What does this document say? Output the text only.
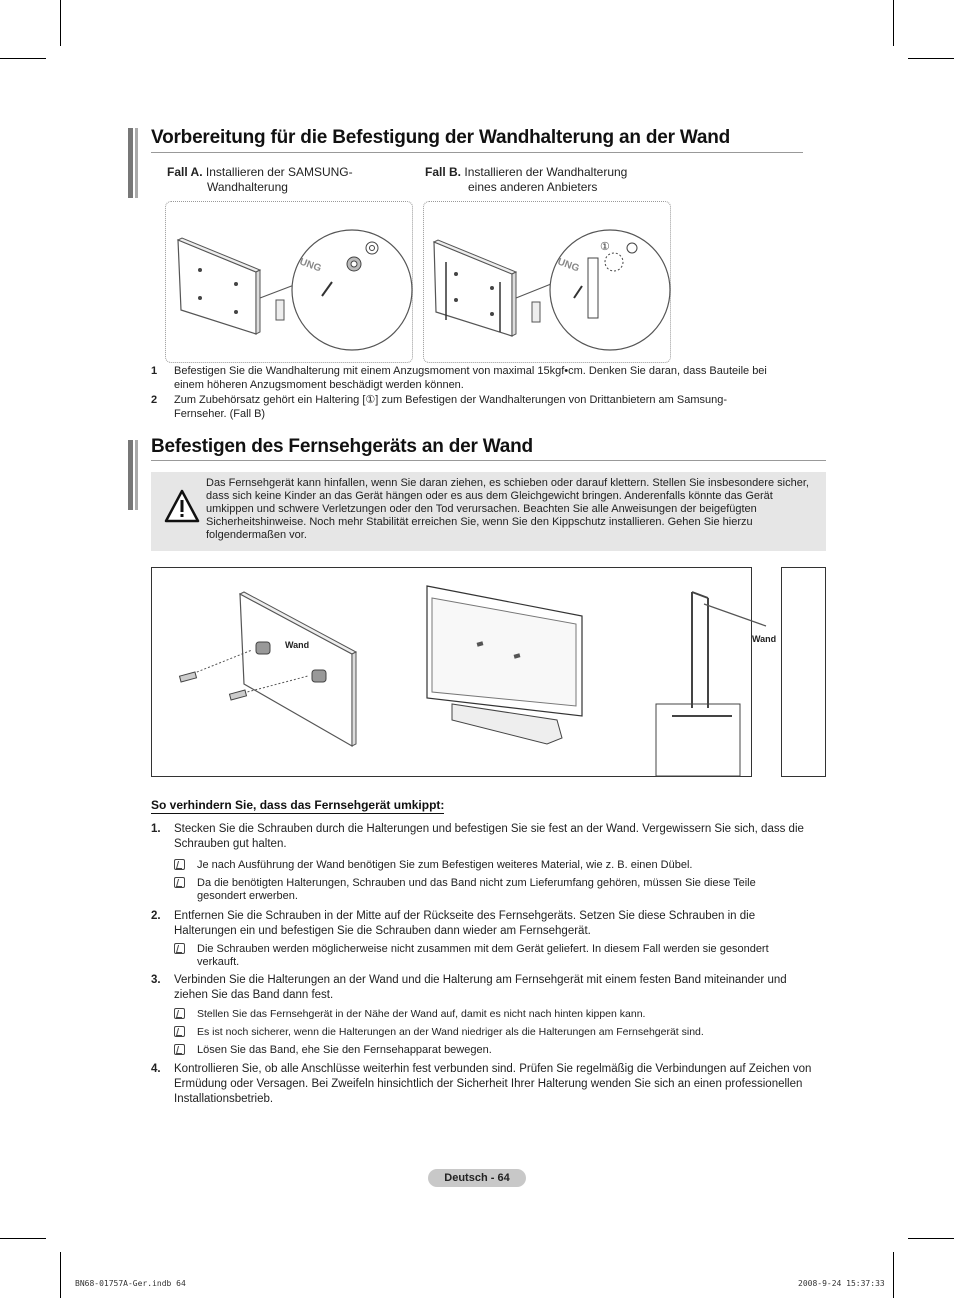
Vorbereitung für die Befestigung der Wandhalterung an der Wand
Fall A. Installieren der SAMSUNG-
Wandhalterung
Fall B. Installieren der Wandhalterung
eines anderen Anbieters
UNG	UNG
①
1 Befestigen Sie die Wandhalterung mit einem Anzugsmoment von maximal 15kgf•cm. Denken Sie daran, dass Bauteile bei
einem höheren Anzugsmoment beschädigt werden können.
2 Zum Zubehörsatz gehört ein Haltering [①] zum Befestigen der Wandhalterungen von Drittanbietern am Samsung-
Fernseher. (Fall B)
Befestigen des Fernsehgeräts an der Wand
Das Fernsehgerät kann hinfallen, wenn Sie daran ziehen, es schieben oder darauf klettern. Stellen Sie insbesondere sicher, dass sich keine Kinder an das Gerät hängen oder es aus dem Gleichgewicht bringen. Anderenfalls könnte das Gerät umkippen und schwere Verletzungen oder den Tod verursachen. Beachten Sie alle Anweisungen der beigefügten Sicherheitshinweise. Noch mehr Stabilität erreichen Sie, wenn Sie den Kippschutz installieren. Gehen Sie hierzu folgendermaßen vor.
Wand
Wand
So verhindern Sie, dass das Fernsehgerät umkippt:
1. Stecken Sie die Schrauben durch die Halterungen und befestigen Sie sie fest an der Wand. Vergewissern Sie sich, dass die
Schrauben gut halten.
Je nach Ausführung der Wand benötigen Sie zum Befestigen weiteres Material, wie z. B. einen Dübel.
Da die benötigten Halterungen, Schrauben und das Band nicht zum Lieferumfang gehören, müssen Sie diese Teile
gesondert erwerben.
2. Entfernen Sie die Schrauben in der Mitte auf der Rückseite des Fernsehgeräts. Setzen Sie diese Schrauben in die
Halterungen ein und befestigen Sie die Schrauben dann wieder am Fernsehgerät.
Die Schrauben werden möglicherweise nicht zusammen mit dem Gerät geliefert. In diesem Fall werden sie gesondert
verkauft.
3. Verbinden Sie die Halterungen an der Wand und die Halterung am Fernsehgerät mit einem festen Band miteinander und
ziehen Sie das Band dann fest.
Stellen Sie das Fernsehgerät in der Nähe der Wand auf, damit es nicht nach hinten kippen kann.
Es ist noch sicherer, wenn die Halterungen an der Wand niedriger als die Halterungen am Fernsehgerät sind.
Lösen Sie das Band, ehe Sie den Fernsehapparat bewegen.
4. Kontrollieren Sie, ob alle Anschlüsse weiterhin fest verbunden sind. Prüfen Sie regelmäßig die Verbindungen auf Zeichen von
Ermüdung oder Versagen. Bei Zweifeln hinsichtlich der Sicherheit Ihrer Halterung wenden Sie sich an einen professionellen
Installationsbetrieb.
Deutsch - 64
BN68-01757A-Ger.indb 64	2008-9-24 15:37:33
